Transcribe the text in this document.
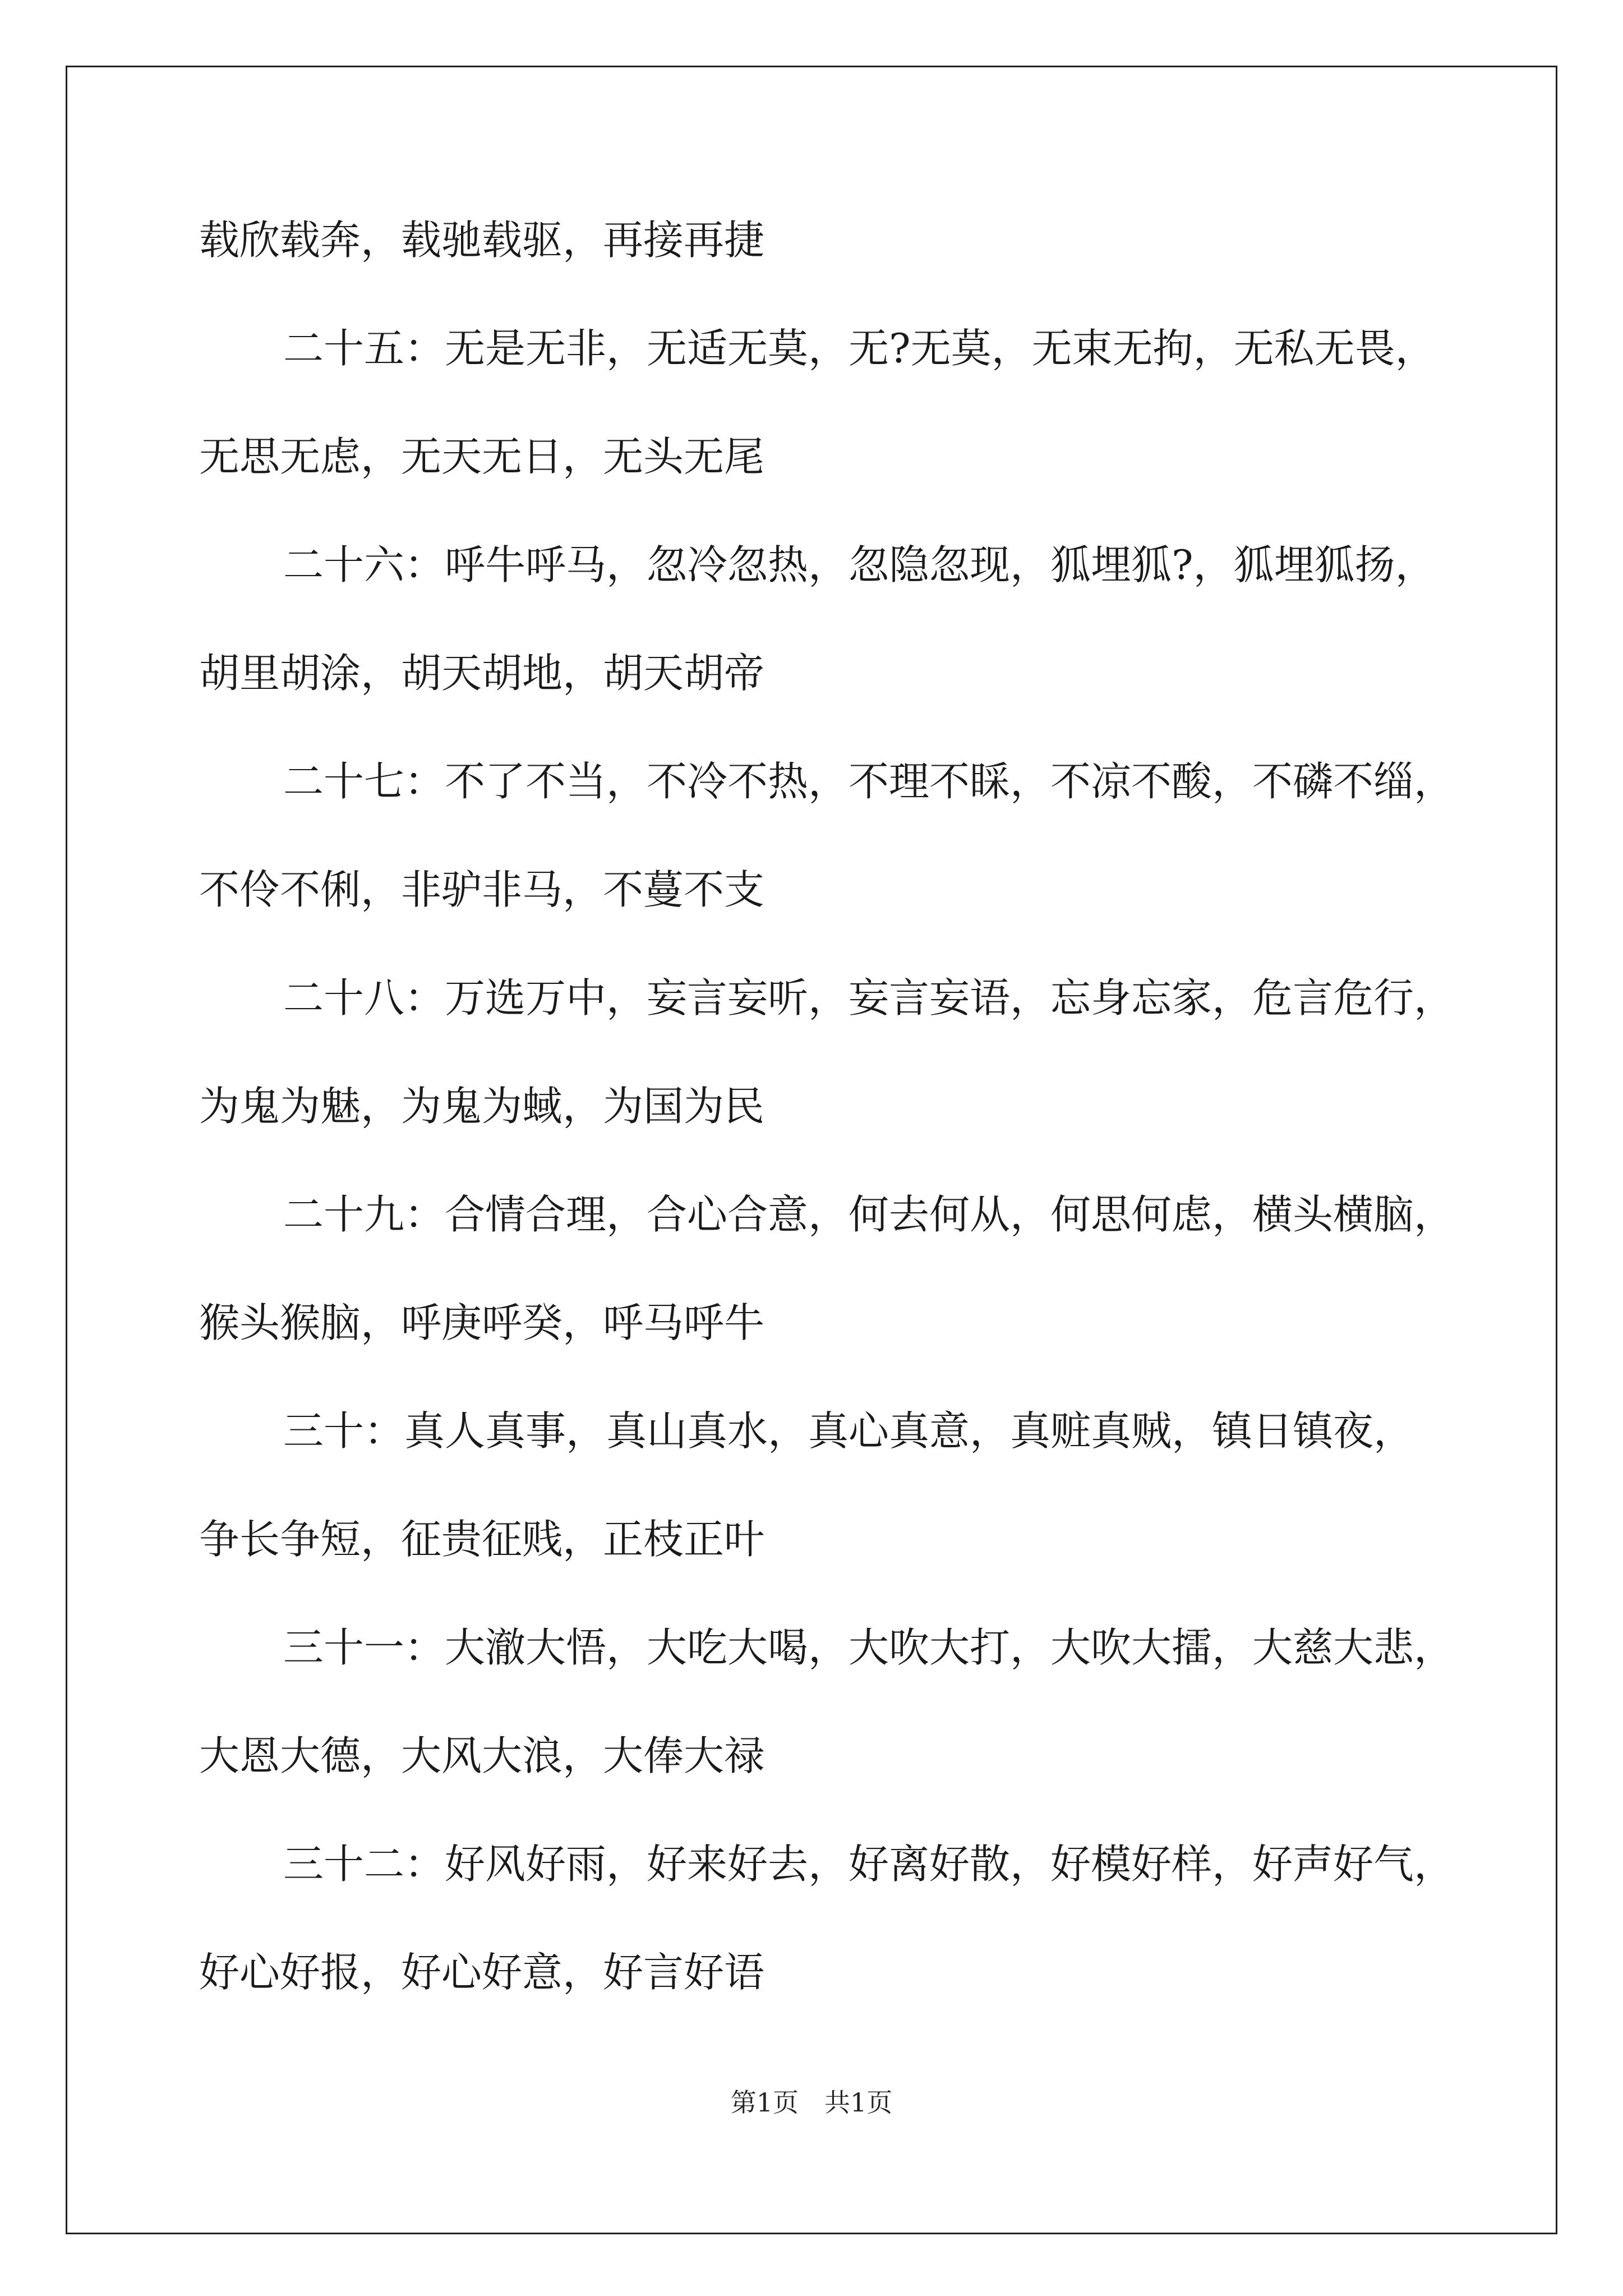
载欣载奔，载驰载驱，再接再捷
二十五：无是无非，无适无莫，无?无莫，无束无拘，无私无畏，
无思无虑，无天无日，无头无尾
二十六：呼牛呼马，忽冷忽热，忽隐忽现，狐埋狐?，狐埋狐扬，
胡里胡涂，胡天胡地，胡天胡帝
二十七：不了不当，不冷不热，不理不睬，不凉不酸，不磷不缁，
不伶不俐，非驴非马，不蔓不支
二十八：万选万中，妄言妄听，妄言妄语，忘身忘家，危言危行，
为鬼为魅，为鬼为蜮，为国为民
二十九：合情合理，合心合意，何去何从，何思何虑，横头横脑，
猴头猴脑，呼庚呼癸，呼马呼牛
三十：真人真事，真山真水，真心真意，真赃真贼，镇日镇夜，
争长争短，征贵征贱，正枝正叶
三十一：大澈大悟，大吃大喝，大吹大打，大吹大擂，大慈大悲，
大恩大德，大风大浪，大俸大禄
三十二：好风好雨，好来好去，好离好散，好模好样，好声好气，
好心好报，好心好意，好言好语
第1页　共1页
